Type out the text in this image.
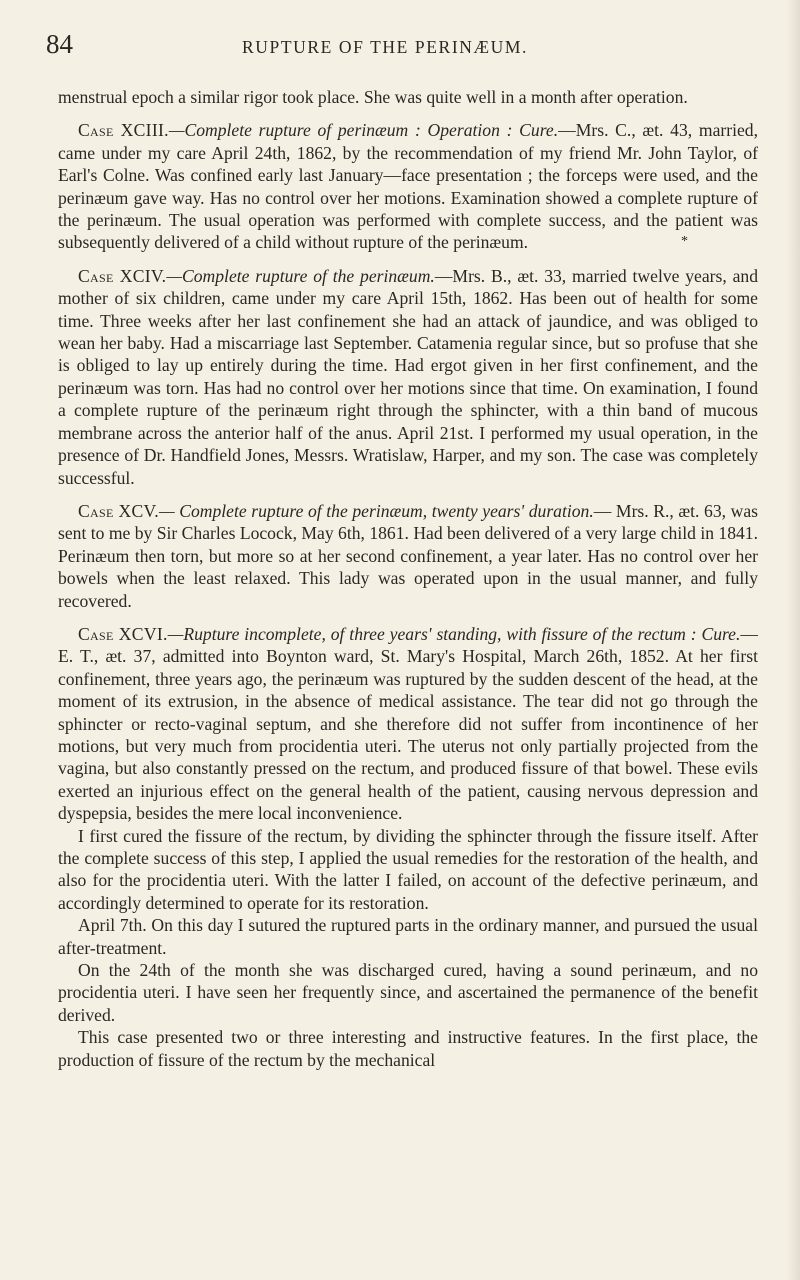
84	RUPTURE OF THE PERINÆUM.

menstrual epoch a similar rigor took place. She was quite well in a month after operation.

Case XCIII.—Complete rupture of perinæum : Operation : Cure.—Mrs. C., æt. 43, married, came under my care April 24th, 1862, by the recommendation of my friend Mr. John Taylor, of Earl's Colne. Was confined early last January—face presentation ; the forceps were used, and the perinæum gave way. Has no control over her motions. Examination showed a complete rupture of the perinæum. The usual operation was performed with complete success, and the patient was subsequently delivered of a child without rupture of the perinæum.	*

Case XCIV.—Complete rupture of the perinæum.—Mrs. B., æt. 33, married twelve years, and mother of six children, came under my care April 15th, 1862. Has been out of health for some time. Three weeks after her last confinement she had an attack of jaundice, and was obliged to wean her baby. Had a miscarriage last September. Catamenia regular since, but so profuse that she is obliged to lay up entirely during the time. Had ergot given in her first confinement, and the perinæum was torn. Has had no control over her motions since that time. On examination, I found a complete rupture of the perinæum right through the sphincter, with a thin band of mucous membrane across the anterior half of the anus. April 21st. I performed my usual operation, in the presence of Dr. Handfield Jones, Messrs. Wratislaw, Harper, and my son. The case was completely successful.

Case XCV.— Complete rupture of the perinæum, twenty years' duration.— Mrs. R., æt. 63, was sent to me by Sir Charles Locock, May 6th, 1861. Had been delivered of a very large child in 1841. Perinæum then torn, but more so at her second confinement, a year later. Has no control over her bowels when the least relaxed. This lady was operated upon in the usual manner, and fully recovered.

Case XCVI.—Rupture incomplete, of three years' standing, with fissure of the rectum : Cure.—E. T., æt. 37, admitted into Boynton ward, St. Mary's Hospital, March 26th, 1852. At her first confinement, three years ago, the perinæum was ruptured by the sudden descent of the head, at the moment of its extrusion, in the absence of medical assistance. The tear did not go through the sphincter or recto-vaginal septum, and she therefore did not suffer from incontinence of her motions, but very much from procidentia uteri. The uterus not only partially projected from the vagina, but also constantly pressed on the rectum, and produced fissure of that bowel. These evils exerted an injurious effect on the general health of the patient, causing nervous depression and dyspepsia, besides the mere local inconvenience.

I first cured the fissure of the rectum, by dividing the sphincter through the fissure itself. After the complete success of this step, I applied the usual remedies for the restoration of the health, and also for the procidentia uteri. With the latter I failed, on account of the defective perinæum, and accordingly determined to operate for its restoration.

April 7th. On this day I sutured the ruptured parts in the ordinary manner, and pursued the usual after-treatment.

On the 24th of the month she was discharged cured, having a sound perinæum, and no procidentia uteri. I have seen her frequently since, and ascertained the permanence of the benefit derived.

This case presented two or three interesting and instructive features. In the first place, the production of fissure of the rectum by the mechanical
